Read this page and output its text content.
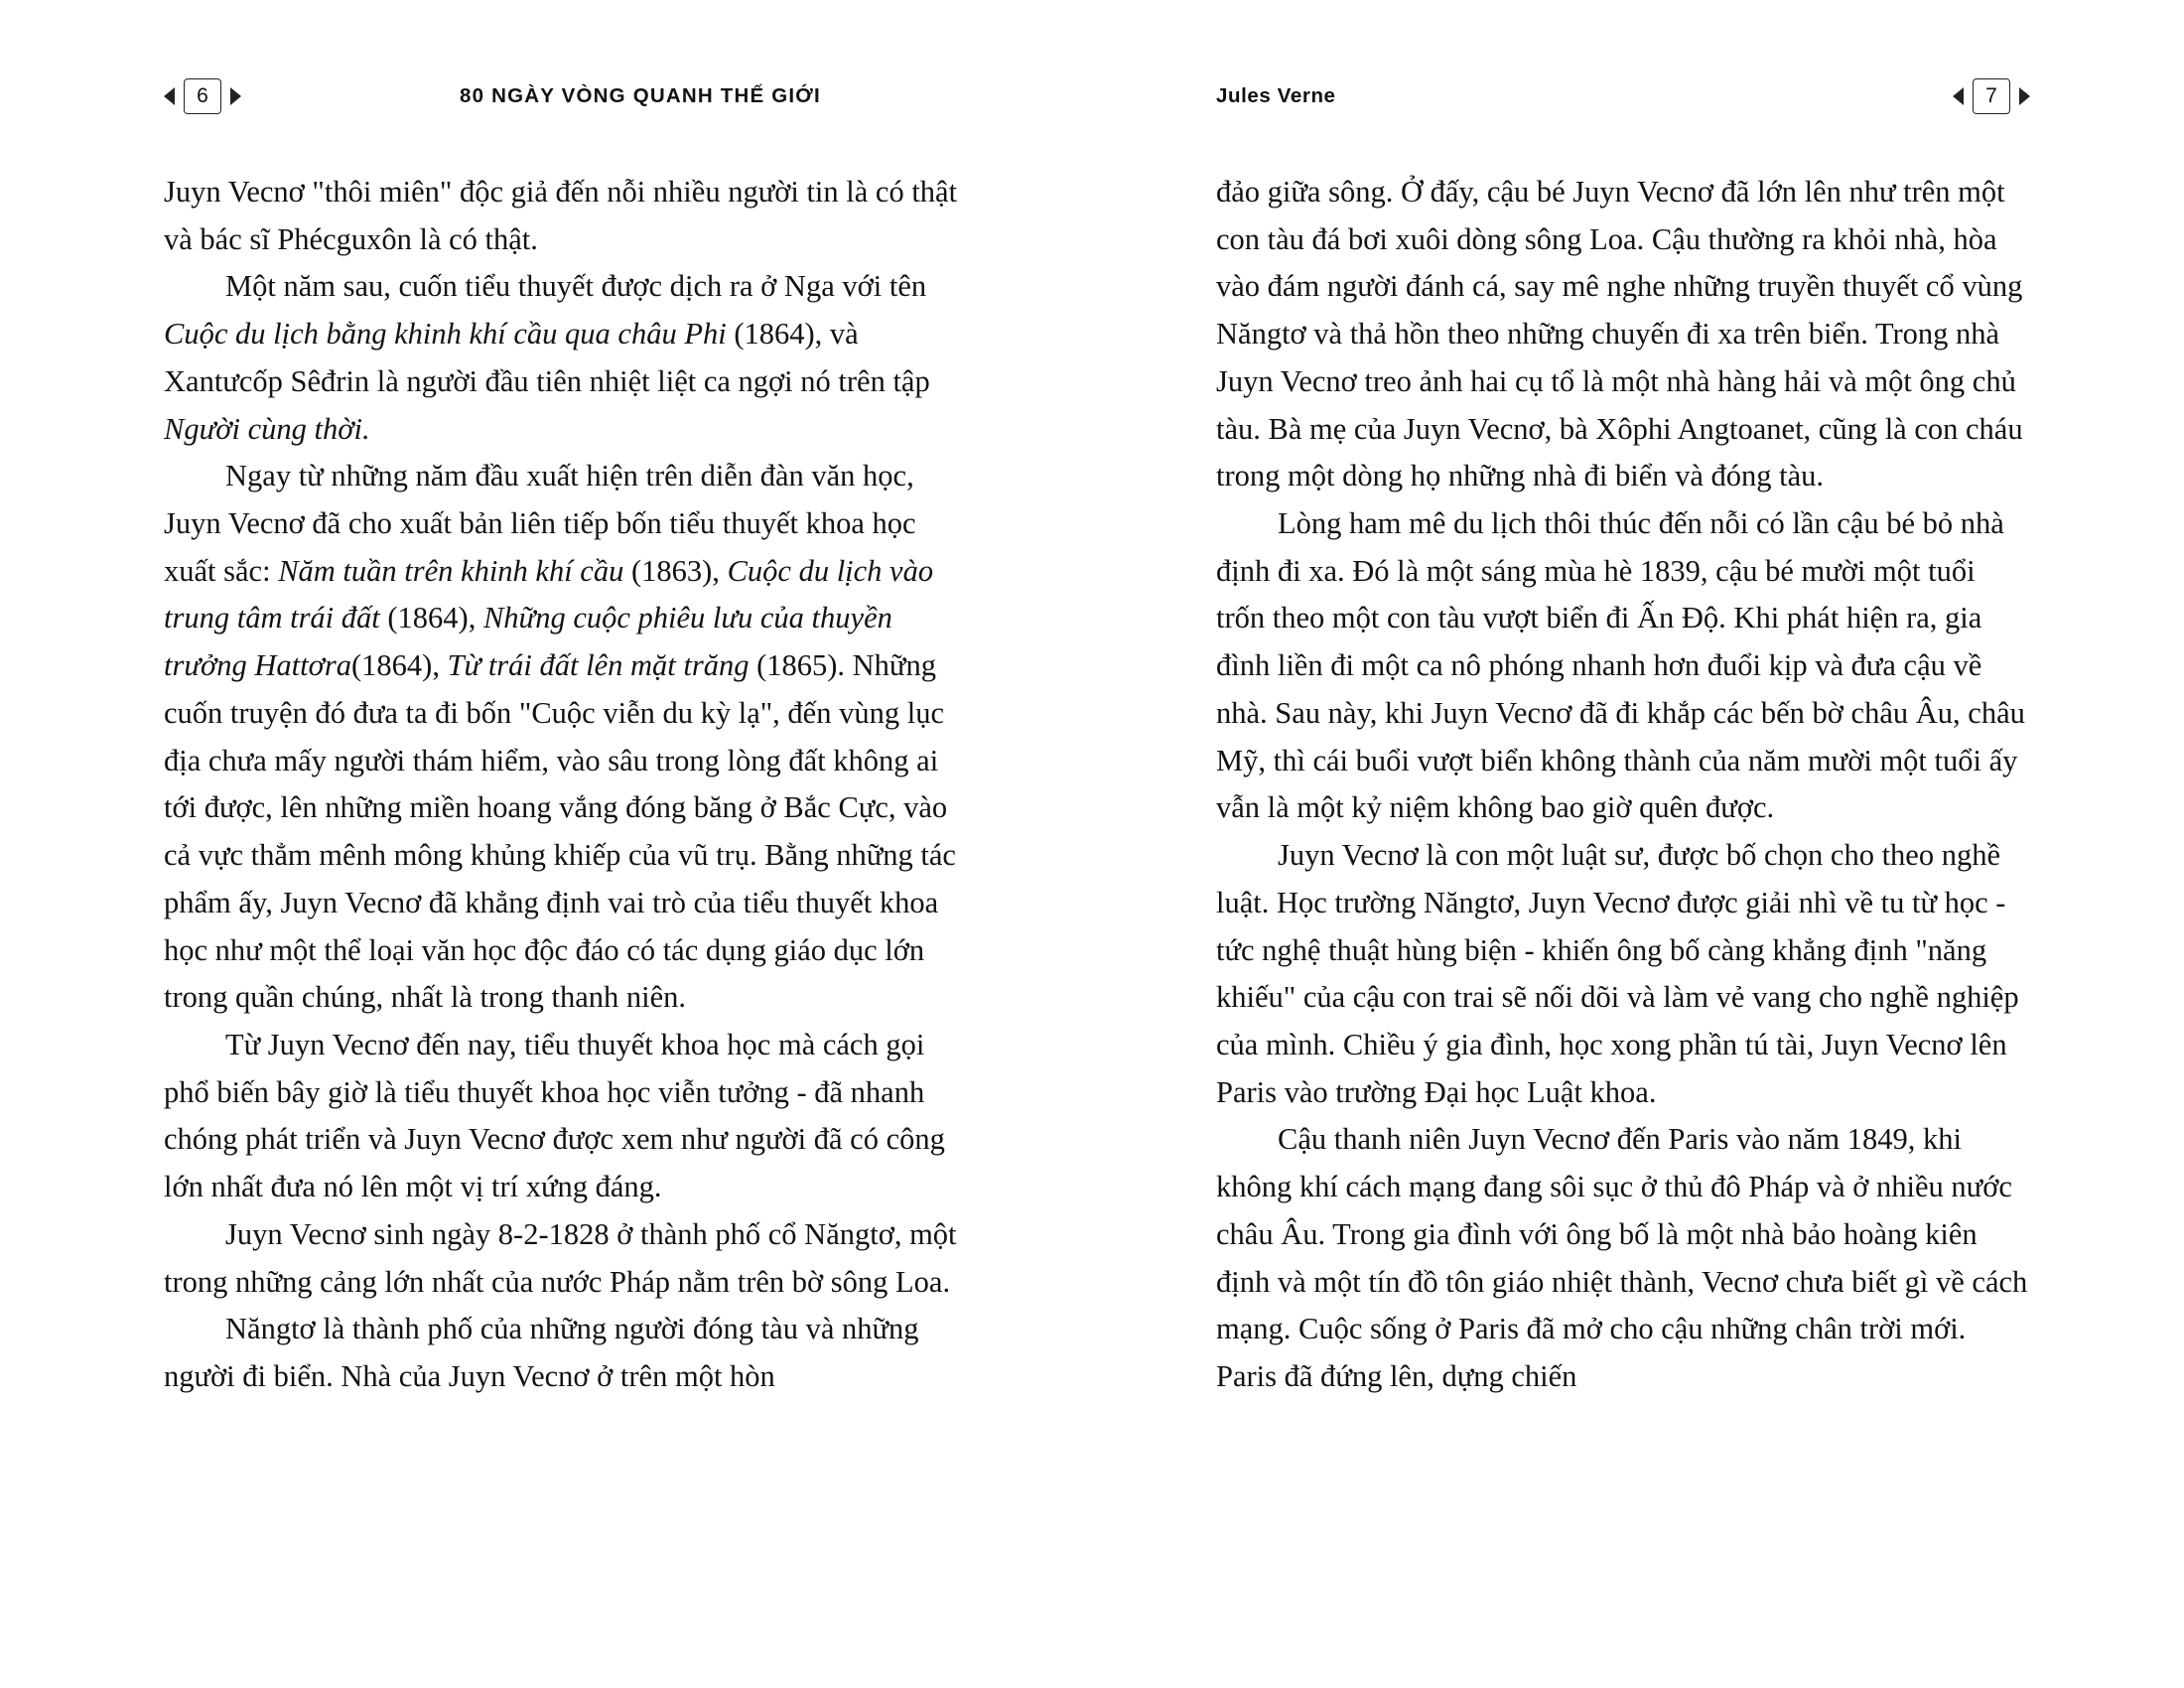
6	80 NGÀY VÒNG QUANH THẾ GIỚI

Juyn Vecnơ "thôi miên" độc giả đến nỗi nhiều người tin là có thật và bác sĩ Phécguxôn là có thật.

Một năm sau, cuốn tiểu thuyết được dịch ra ở Nga với tên Cuộc du lịch bằng khinh khí cầu qua châu Phi (1864), và Xantưcốp Sêđrin là người đầu tiên nhiệt liệt ca ngợi nó trên tập Người cùng thời.

Ngay từ những năm đầu xuất hiện trên diễn đàn văn học, Juyn Vecnơ đã cho xuất bản liên tiếp bốn tiểu thuyết khoa học xuất sắc: Năm tuần trên khinh khí cầu (1863), Cuộc du lịch vào trung tâm trái đất (1864), Những cuộc phiêu lưu của thuyền trưởng Hattơra(1864), Từ trái đất lên mặt trăng (1865). Những cuốn truyện đó đưa ta đi bốn "Cuộc viễn du kỳ lạ", đến vùng lục địa chưa mấy người thám hiểm, vào sâu trong lòng đất không ai tới được, lên những miền hoang vắng đóng băng ở Bắc Cực, vào cả vực thẳm mênh mông khủng khiếp của vũ trụ. Bằng những tác phẩm ấy, Juyn Vecnơ đã khẳng định vai trò của tiểu thuyết khoa học như một thể loại văn học độc đáo có tác dụng giáo dục lớn trong quần chúng, nhất là trong thanh niên.

Từ Juyn Vecnơ đến nay, tiểu thuyết khoa học mà cách gọi phổ biến bây giờ là tiểu thuyết khoa học viễn tưởng - đã nhanh chóng phát triển và Juyn Vecnơ được xem như người đã có công lớn nhất đưa nó lên một vị trí xứng đáng.

Juyn Vecnơ sinh ngày 8-2-1828 ở thành phố cổ Năngtơ, một trong những cảng lớn nhất của nước Pháp nằm trên bờ sông Loa.

Năngtơ là thành phố của những người đóng tàu và những người đi biển. Nhà của Juyn Vecnơ ở trên một hòn

Jules Verne	7

đảo giữa sông. Ở đấy, cậu bé Juyn Vecnơ đã lớn lên như trên một con tàu đá bơi xuôi dòng sông Loa. Cậu thường ra khỏi nhà, hòa vào đám người đánh cá, say mê nghe những truyền thuyết cổ vùng Năngtơ và thả hồn theo những chuyến đi xa trên biển. Trong nhà Juyn Vecnơ treo ảnh hai cụ tổ là một nhà hàng hải và một ông chủ tàu. Bà mẹ của Juyn Vecnơ, bà Xôphi Angtoanet, cũng là con cháu trong một dòng họ những nhà đi biển và đóng tàu.

Lòng ham mê du lịch thôi thúc đến nỗi có lần cậu bé bỏ nhà định đi xa. Đó là một sáng mùa hè 1839, cậu bé mười một tuổi trốn theo một con tàu vượt biển đi Ấn Độ. Khi phát hiện ra, gia đình liền đi một ca nô phóng nhanh hơn đuổi kịp và đưa cậu về nhà. Sau này, khi Juyn Vecnơ đã đi khắp các bến bờ châu Âu, châu Mỹ, thì cái buổi vượt biển không thành của năm mười một tuổi ấy vẫn là một kỷ niệm không bao giờ quên được.

Juyn Vecnơ là con một luật sư, được bố chọn cho theo nghề luật. Học trường Năngtơ, Juyn Vecnơ được giải nhì về tu từ học - tức nghệ thuật hùng biện - khiến ông bố càng khẳng định "năng khiếu" của cậu con trai sẽ nối dõi và làm vẻ vang cho nghề nghiệp của mình. Chiều ý gia đình, học xong phần tú tài, Juyn Vecnơ lên Paris vào trường Đại học Luật khoa.

Cậu thanh niên Juyn Vecnơ đến Paris vào năm 1849, khi không khí cách mạng đang sôi sục ở thủ đô Pháp và ở nhiều nước châu Âu. Trong gia đình với ông bố là một nhà bảo hoàng kiên định và một tín đồ tôn giáo nhiệt thành, Vecnơ chưa biết gì về cách mạng. Cuộc sống ở Paris đã mở cho cậu những chân trời mới. Paris đã đứng lên, dựng chiến
